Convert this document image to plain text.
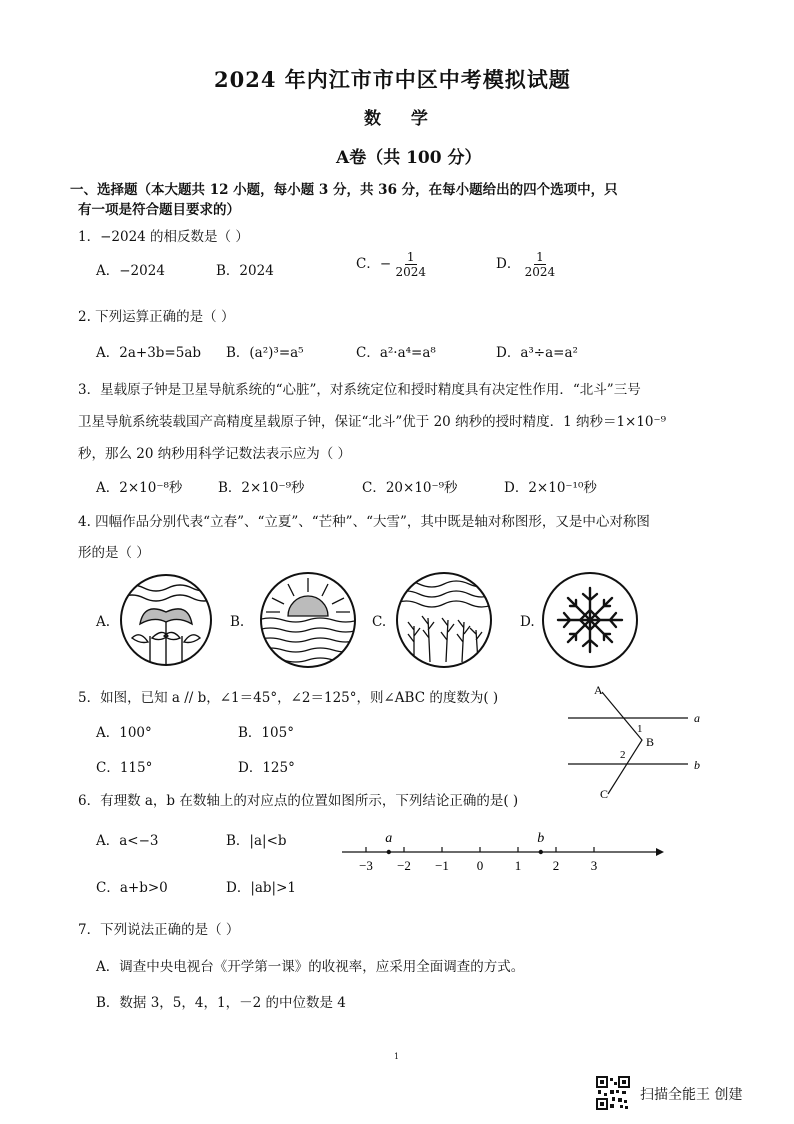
2024 年内江市市中区中考模拟试题
数 学
A卷（共 100 分）
一、选择题（本大题共 12 小题，每小题 3 分，共 36 分，在每小题给出的四个选项中，只
有一项是符合题目要求的）
1．−2024 的相反数是（ ）
A．−2024	B．2024	C．− $\frac{1}{2024}$	D． $\frac{1}{2024}$
2. 下列运算正确的是（ ）
A．2a+3b=5ab B．(a²)³=a⁵	C．a²·a⁴=a⁸	D．a³÷a=a²
3．星载原子钟是卫星导航系统的“心脏”，对系统定位和授时精度具有决定性作用．“北斗”三号
卫星导航系统装载国产高精度星载原子钟，保证“北斗”优于 20 纳秒的授时精度．1 纳秒＝1×10⁻⁹
秒，那么 20 纳秒用科学记数法表示应为（ ）
A．2×10⁻⁸秒	B．2×10⁻⁹秒	C．20×10⁻⁹秒	D．2×10⁻¹⁰秒
4. 四幅作品分别代表“立春”、“立夏”、“芒种”、“大雪”，其中既是轴对称图形，又是中心对称图
形的是（ ）
A.	B.	C.	D.
5．如图，已知 a // b，∠1＝45°，∠2＝125°，则∠ABC 的度数为( )
A．100°	B．105°
C．115°	D．125°
A
B
C
1
2
a
b
6．有理数 a，b 在数轴上的对应点的位置如图所示，下列结论正确的是( )
A．a<−3	B．|a|<b
C．a+b>0	D．|ab|>1
−3 −2 −1 0 1 2 3
a	b
7．下列说法正确的是（ ）
A．调查中央电视台《开学第一课》的收视率，应采用全面调查的方式。
B．数据 3，5，4，1，－2 的中位数是 4
1
扫描全能王 创建
